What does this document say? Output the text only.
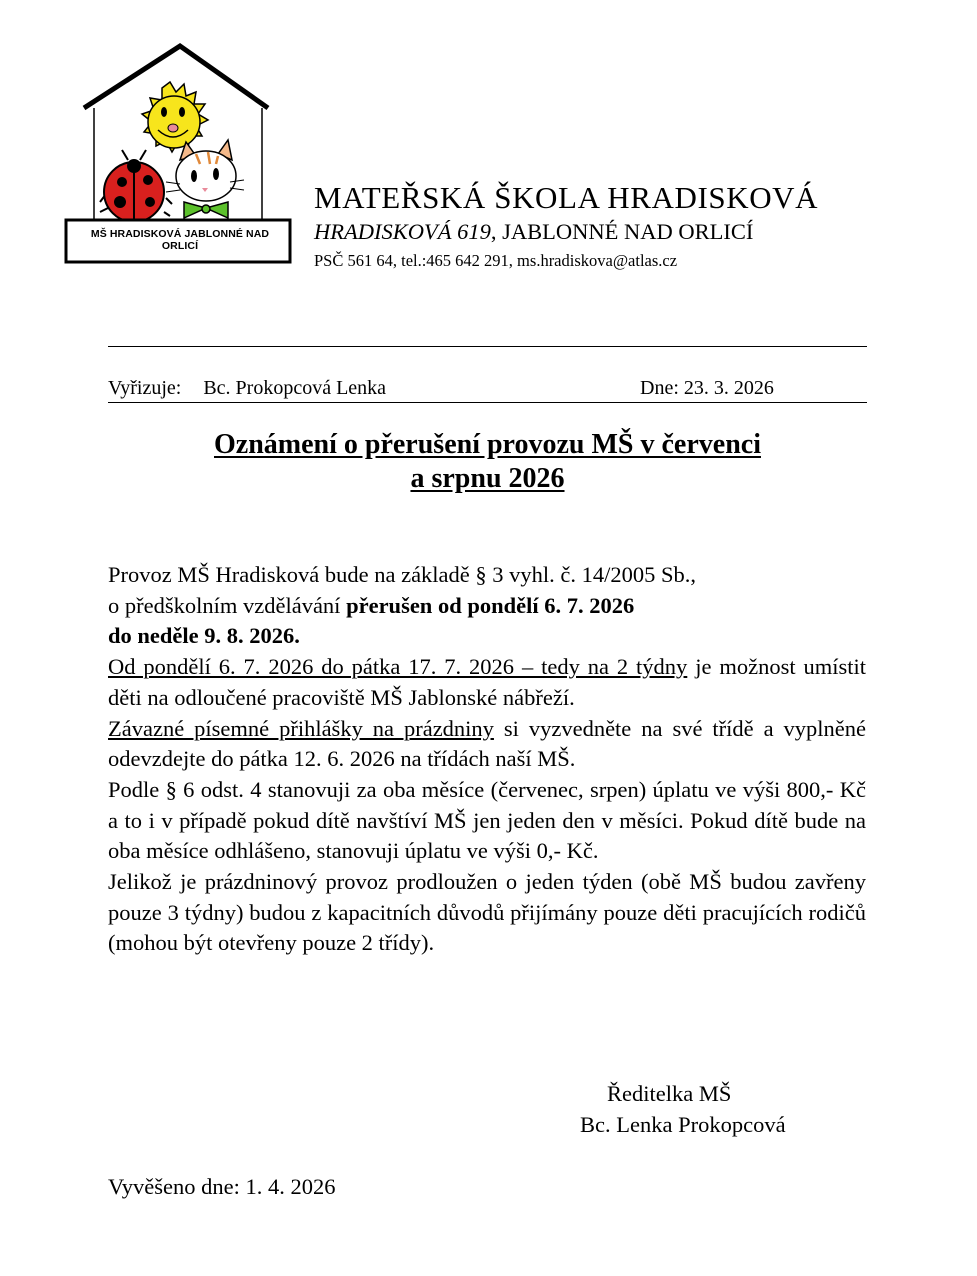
MŠ HRADISKOVÁ JABLONNÉ NAD ORLICÍ
MATEŘSKÁ ŠKOLA HRADISKOVÁ
HRADISKOVÁ 619, JABLONNÉ NAD ORLICÍ
PSČ 561 64, tel.:465 642 291, ms.hradiskova@atlas.cz
Vyřizuje: Bc. Prokopcová Lenka	Dne: 23. 3. 2026
Oznámení o přerušení provozu MŠ v červenci
a srpnu 2026

Provoz MŠ Hradisková bude na základě § 3 vyhl. č. 14/2005 Sb.,
o předškolním vzdělávání přerušen od pondělí 6. 7. 2026
do neděle 9. 8. 2026.

Od pondělí 6. 7. 2026 do pátka 17. 7. 2026 – tedy na 2 týdny je možnost umístit děti na odloučené pracoviště MŠ Jablonské nábřeží.

Závazné písemné přihlášky na prázdniny si vyzvedněte na své třídě a vyplněné odevzdejte do pátka 12. 6. 2026 na třídách naší MŠ.

Podle § 6 odst. 4 stanovuji za oba měsíce (červenec, srpen) úplatu ve výši 800,- Kč a to i v případě pokud dítě navštíví MŠ jen jeden den v měsíci. Pokud dítě bude na oba měsíce odhlášeno, stanovuji úplatu ve výši 0,- Kč.

Jelikož je prázdninový provoz prodloužen o jeden týden (obě MŠ budou zavřeny pouze 3 týdny) budou z kapacitních důvodů přijímány pouze děti pracujících rodičů (mohou být otevřeny pouze 2 třídy).

Ředitelka MŠ
Bc. Lenka Prokopcová
Vyvěšeno dne: 1. 4. 2026
